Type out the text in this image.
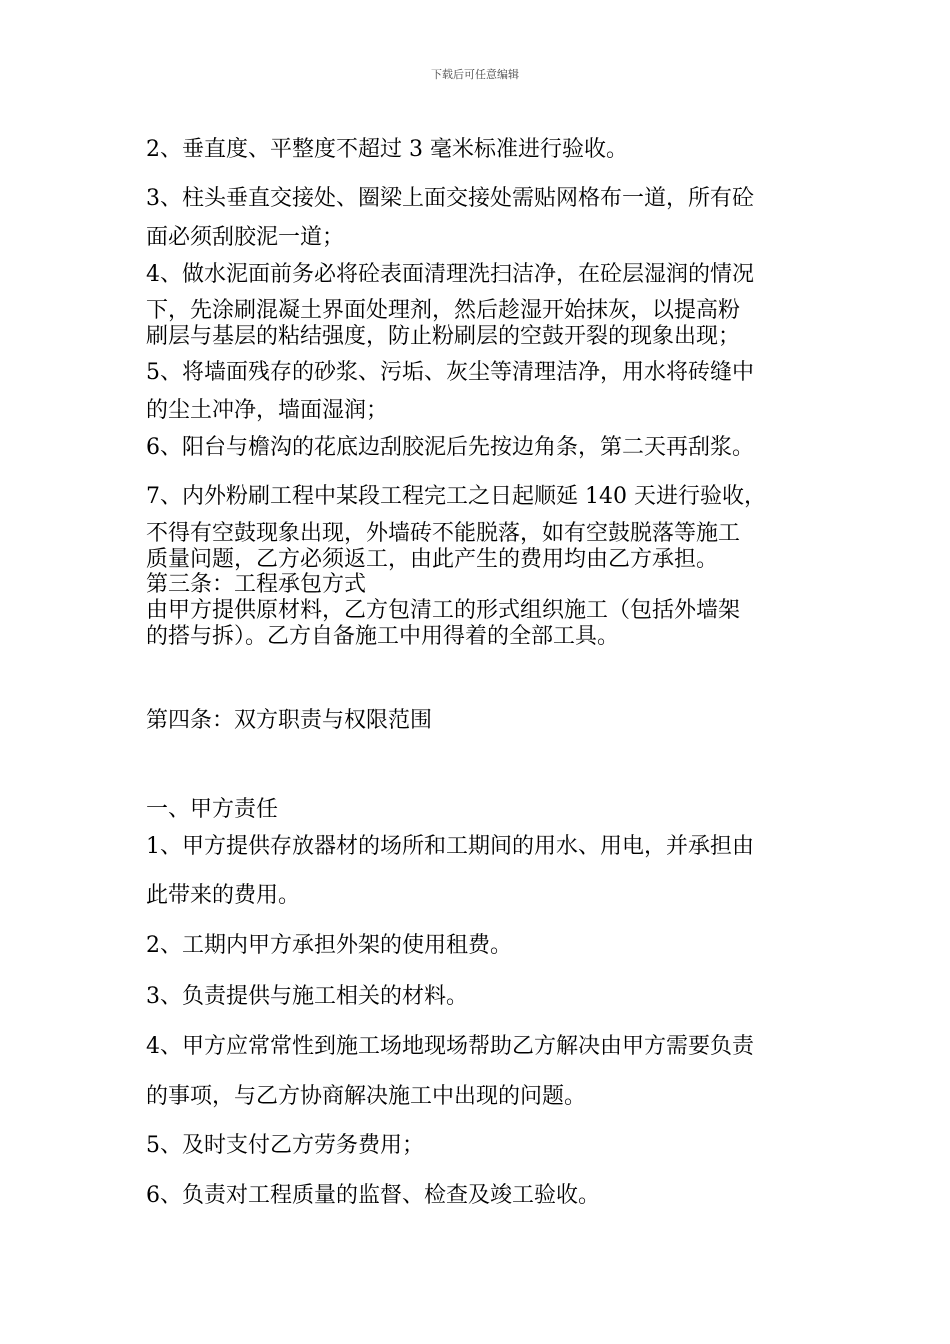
下载后可任意编辑
2、垂直度、平整度不超过 3 毫米标准进行验收。
3、柱头垂直交接处、圈梁上面交接处需贴网格布一道，所有砼
面必须刮胶泥一道；
4、做水泥面前务必将砼表面清理洗扫洁净，在砼层湿润的情况
下，先涂刷混凝土界面处理剂，然后趁湿开始抹灰，以提高粉
刷层与基层的粘结强度，防止粉刷层的空鼓开裂的现象出现；
5、将墙面残存的砂浆、污垢、灰尘等清理洁净，用水将砖缝中
的尘土冲净，墙面湿润；
6、阳台与檐沟的花底边刮胶泥后先按边角条，第二天再刮浆。
7、内外粉刷工程中某段工程完工之日起顺延 140 天进行验收，
不得有空鼓现象出现，外墙砖不能脱落，如有空鼓脱落等施工
质量问题，乙方必须返工，由此产生的费用均由乙方承担。
第三条：工程承包方式
由甲方提供原材料，乙方包清工的形式组织施工（包括外墙架
的搭与拆）。乙方自备施工中用得着的全部工具。
第四条：双方职责与权限范围
一、甲方责任
1、甲方提供存放器材的场所和工期间的用水、用电，并承担由
此带来的费用。
2、工期内甲方承担外架的使用租费。
3、负责提供与施工相关的材料。
4、甲方应常常性到施工场地现场帮助乙方解决由甲方需要负责
的事项，与乙方协商解决施工中出现的问题。
5、及时支付乙方劳务费用；
6、负责对工程质量的监督、检查及竣工验收。
